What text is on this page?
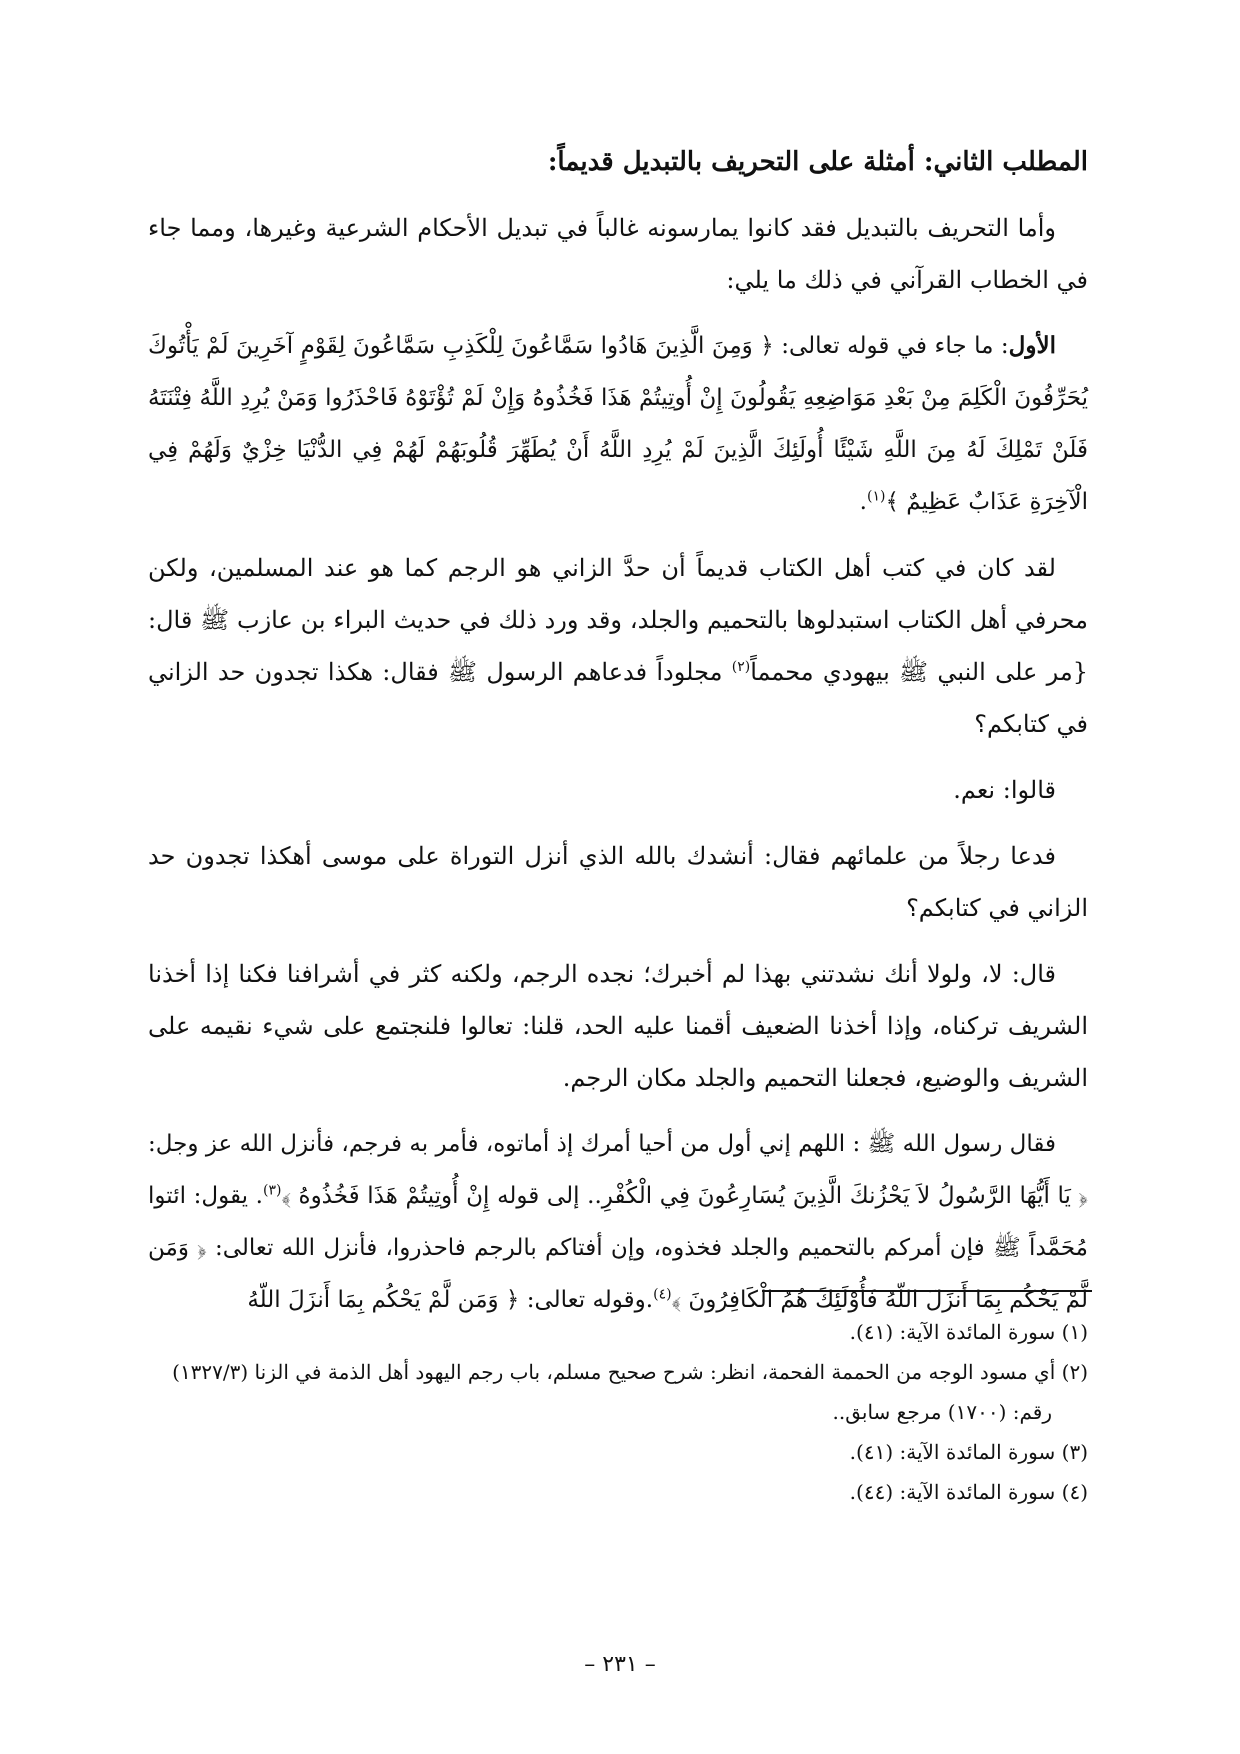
المطلب الثاني: أمثلة على التحريف بالتبديل قديماً:

وأما التحريف بالتبديل فقد كانوا يمارسونه غالباً في تبديل الأحكام الشرعية وغيرها، ومما جاء في الخطاب القرآني في ذلك ما يلي:

الأول: ما جاء في قوله تعالى: ﴿ وَمِنَ الَّذِينَ هَادُوا سَمَّاعُونَ لِلْكَذِبِ سَمَّاعُونَ لِقَوْمٍ آخَرِينَ لَمْ يَأْتُوكَ يُحَرِّفُونَ الْكَلِمَ مِنْ بَعْدِ مَوَاضِعِهِ يَقُولُونَ إِنْ أُوتِيتُمْ هَذَا فَخُذُوهُ وَإِنْ لَمْ تُؤْتَوْهُ فَاحْذَرُوا وَمَنْ يُرِدِ اللَّهُ فِتْنَتَهُ فَلَنْ تَمْلِكَ لَهُ مِنَ اللَّهِ شَيْئًا أُولَئِكَ الَّذِينَ لَمْ يُرِدِ اللَّهُ أَنْ يُطَهِّرَ قُلُوبَهُمْ لَهُمْ فِي الدُّنْيَا خِزْيٌ وَلَهُمْ فِي الْآخِرَةِ عَذَابٌ عَظِيمٌ ﴾$^{(١)}$.

لقد كان في كتب أهل الكتاب قديماً أن حدَّ الزاني هو الرجم كما هو عند المسلمين، ولكن محرفي أهل الكتاب استبدلوها بالتحميم والجلد، وقد ورد ذلك في حديث البراء بن عازب ﷺ قال: {مر على النبي ﷺ بيهودي محمماً$^{(٢)}$ مجلوداً فدعاهم الرسول ﷺ فقال: هكذا تجدون حد الزاني في كتابكم؟

قالوا: نعم.

فدعا رجلاً من علمائهم فقال: أنشدك بالله الذي أنزل التوراة على موسى أهكذا تجدون حد الزاني في كتابكم؟

قال: لا، ولولا أنك نشدتني بهذا لم أخبرك؛ نجده الرجم، ولكنه كثر في أشرافنا فكنا إذا أخذنا الشريف تركناه، وإذا أخذنا الضعيف أقمنا عليه الحد، قلنا: تعالوا فلنجتمع على شيء نقيمه على الشريف والوضيع، فجعلنا التحميم والجلد مكان الرجم.

فقال رسول الله ﷺ : اللهم إني أول من أحيا أمرك إذ أماتوه، فأمر به فرجم، فأنزل الله عز وجل: ﴿ يَا أَيُّهَا الرَّسُولُ لاَ يَحْزُنكَ الَّذِينَ يُسَارِعُونَ فِي الْكُفْرِ.. إلى قوله إِنْ أُوتِيتُمْ هَذَا فَخُذُوهُ ﴾$^{(٣)}$. يقول: ائتوا مُحَمَّداً ﷺ فإن أمركم بالتحميم والجلد فخذوه، وإن أفتاكم بالرجم فاحذروا، فأنزل الله تعالى: ﴿ وَمَن لَّمْ يَحْكُم بِمَا أَنزَلَ اللّهُ فَأُوْلَئِكَ هُمُ الْكَافِرُونَ ﴾$^{(٤)}$.وقوله تعالى: ﴿ وَمَن لَّمْ يَحْكُم بِمَا أَنزَلَ اللّهُ

(١) سورة المائدة الآية: (٤١).
(٢) أي مسود الوجه من الحممة الفحمة، انظر: شرح صحيح مسلم، باب رجم اليهود أهل الذمة في الزنا (١٣٢٧/٣)
رقم: (١٧٠٠) مرجع سابق..
(٣) سورة المائدة الآية: (٤١).
(٤) سورة المائدة الآية: (٤٤).
– ٢٣١ –
